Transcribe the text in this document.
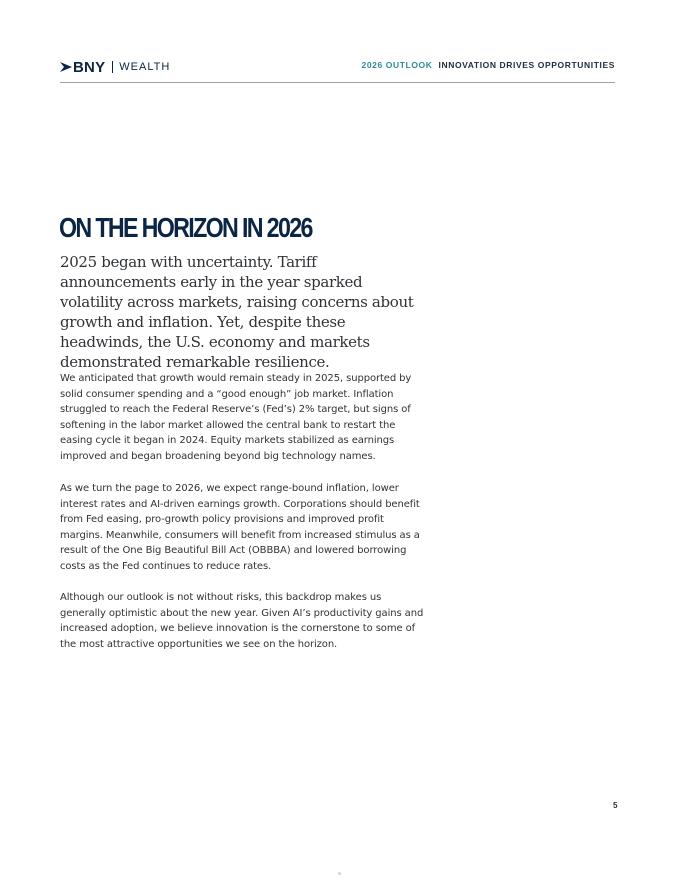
BNY WEALTH	2026 OUTLOOK INNOVATION DRIVES OPPORTUNITIES
ON THE HORIZON IN 2026

2025 began with uncertainty. Tariff announcements early in the year sparked volatility across markets, raising concerns about growth and inflation. Yet, despite these headwinds, the U.S. economy and markets demonstrated remarkable resilience.

We anticipated that growth would remain steady in 2025, supported by solid consumer spending and a “good enough” job market. Inflation struggled to reach the Federal Reserve’s (Fed’s) 2% target, but signs of softening in the labor market allowed the central bank to restart the easing cycle it began in 2024. Equity markets stabilized as earnings improved and began broadening beyond big technology names.

As we turn the page to 2026, we expect range-bound inflation, lower interest rates and AI-driven earnings growth. Corporations should benefit from Fed easing, pro-growth policy provisions and improved profit margins. Meanwhile, consumers will benefit from increased stimulus as a result of the One Big Beautiful Bill Act (OBBBA) and lowered borrowing costs as the Fed continues to reduce rates.

Although our outlook is not without risks, this backdrop makes us generally optimistic about the new year. Given AI’s productivity gains and increased adoption, we believe innovation is the cornerstone to some of the most attractive opportunities we see on the horizon.

5
